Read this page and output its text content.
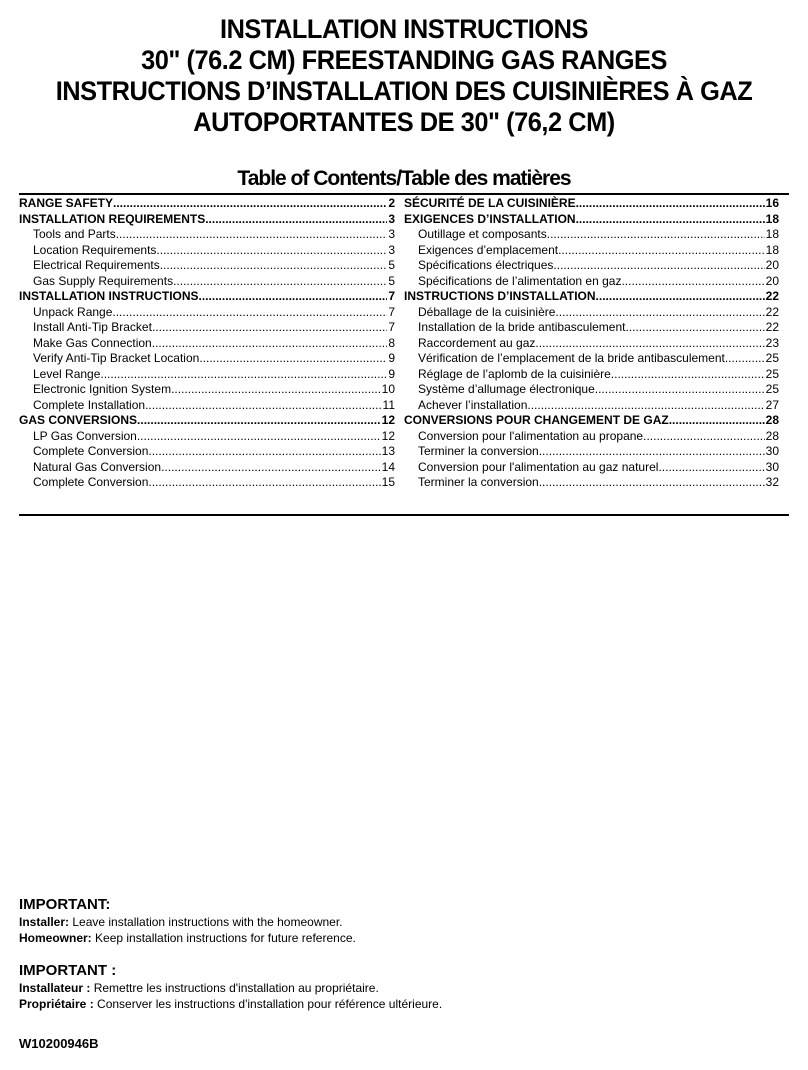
INSTALLATION INSTRUCTIONS
30" (76.2 CM) FREESTANDING GAS RANGES
INSTRUCTIONS D’INSTALLATION DES CUISINIÈRES À GAZ
AUTOPORTANTES DE 30" (76,2 CM)
Table of Contents/Table des matières
RANGE SAFETY .....	2
INSTALLATION REQUIREMENTS .....	3
Tools and Parts .....	3
Location Requirements .....	3
Electrical Requirements .....	5
Gas Supply Requirements .....	5
INSTALLATION INSTRUCTIONS .....	7
Unpack Range .....	7
Install Anti-Tip Bracket .....	7
Make Gas Connection .....	8
Verify Anti-Tip Bracket Location .....	9
Level Range .....	9
Electronic Ignition System .....	10
Complete Installation .....	11
GAS CONVERSIONS .....	12
LP Gas Conversion .....	12
Complete Conversion .....	13
Natural Gas Conversion .....	14
Complete Conversion .....	15
SÉCURITÉ DE LA CUISINIÈRE .....	16
EXIGENCES D’INSTALLATION .....	18
Outillage et composants .....	18
Exigences d’emplacement .....	18
Spécifications électriques .....	20
Spécifications de l’alimentation en gaz .....	20
INSTRUCTIONS D’INSTALLATION .....	22
Déballage de la cuisinière .....	22
Installation de la bride antibasculement .....	22
Raccordement au gaz .....	23
Vérification de l’emplacement de la bride antibasculement .....	25
Réglage de l’aplomb de la cuisinière .....	25
Système d’allumage électronique .....	25
Achever l’installation .....	27
CONVERSIONS POUR CHANGEMENT DE GAZ .....	28
Conversion pour l'alimentation au propane .....	28
Terminer la conversion .....	30
Conversion pour l'alimentation au gaz naturel .....	30
Terminer la conversion .....	32
IMPORTANT:
Installer: Leave installation instructions with the homeowner.
Homeowner: Keep installation instructions for future reference.
IMPORTANT :
Installateur : Remettre les instructions d'installation au propriétaire.
Propriétaire : Conserver les instructions d'installation pour référence ultérieure.
W10200946B
